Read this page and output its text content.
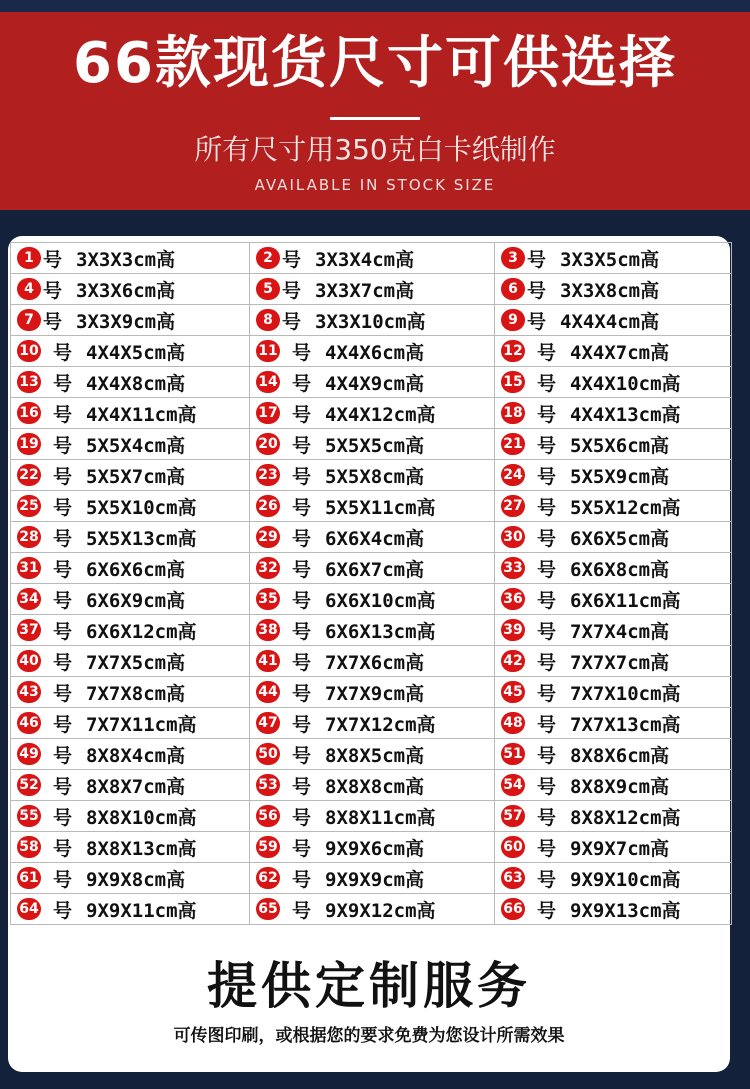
66款现货尺寸可供选择
所有尺寸用350克白卡纸制作
AVAILABLE IN STOCK SIZE
1 号 3X3X3cm高	2 号 3X3X4cm高	3 号 3X3X5cm高
4 号 3X3X6cm高	5 号 3X3X7cm高	6 号 3X3X8cm高
7 号 3X3X9cm高	8 号 3X3X10cm高	9 号 4X4X4cm高
10 号 4X4X5cm高	11 号 4X4X6cm高	12 号 4X4X7cm高
13 号 4X4X8cm高	14 号 4X4X9cm高	15 号 4X4X10cm高
16 号 4X4X11cm高	17 号 4X4X12cm高	18 号 4X4X13cm高
19 号 5X5X4cm高	20 号 5X5X5cm高	21 号 5X5X6cm高
22 号 5X5X7cm高	23 号 5X5X8cm高	24 号 5X5X9cm高
25 号 5X5X10cm高	26 号 5X5X11cm高	27 号 5X5X12cm高
28 号 5X5X13cm高	29 号 6X6X4cm高	30 号 6X6X5cm高
31 号 6X6X6cm高	32 号 6X6X7cm高	33 号 6X6X8cm高
34 号 6X6X9cm高	35 号 6X6X10cm高	36 号 6X6X11cm高
37 号 6X6X12cm高	38 号 6X6X13cm高	39 号 7X7X4cm高
40 号 7X7X5cm高	41 号 7X7X6cm高	42 号 7X7X7cm高
43 号 7X7X8cm高	44 号 7X7X9cm高	45 号 7X7X10cm高
46 号 7X7X11cm高	47 号 7X7X12cm高	48 号 7X7X13cm高
49 号 8X8X4cm高	50 号 8X8X5cm高	51 号 8X8X6cm高
52 号 8X8X7cm高	53 号 8X8X8cm高	54 号 8X8X9cm高
55 号 8X8X10cm高	56 号 8X8X11cm高	57 号 8X8X12cm高
58 号 8X8X13cm高	59 号 9X9X6cm高	60 号 9X9X7cm高
61 号 9X9X8cm高	62 号 9X9X9cm高	63 号 9X9X10cm高
64 号 9X9X11cm高	65 号 9X9X12cm高	66 号 9X9X13cm高
提供定制服务
可传图印刷，或根据您的要求免费为您设计所需效果
